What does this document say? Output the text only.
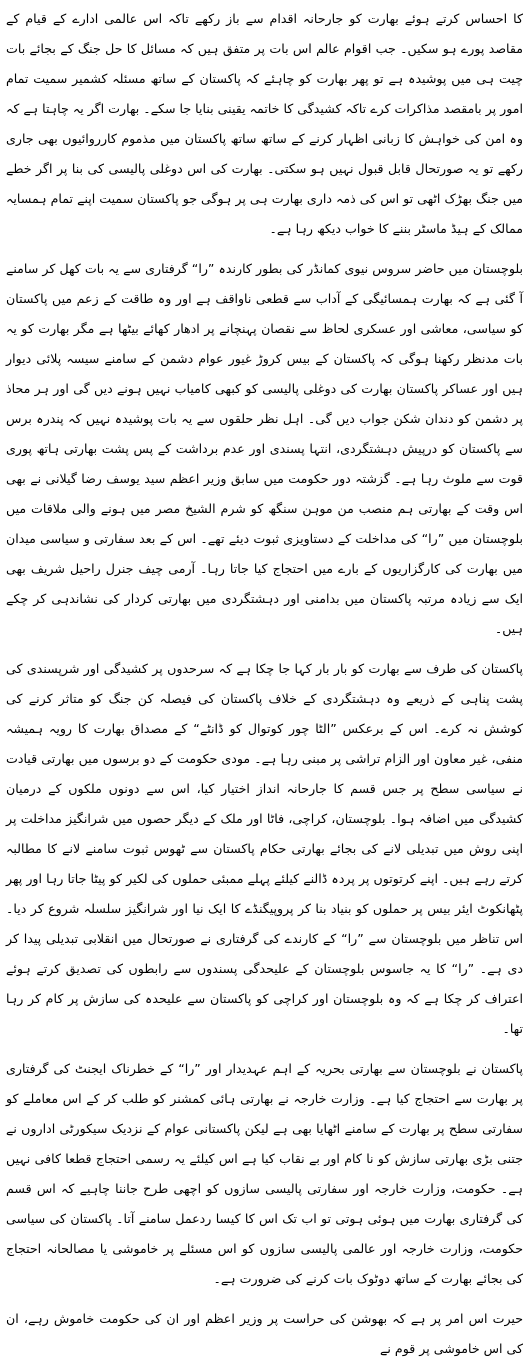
کا احساس کرتے ہوئے بھارت کو جارحانہ اقدام سے باز رکھے تاکہ اس عالمی ادارے کے قیام کے مقاصد پورے ہو سکیں۔ جب اقوام عالم اس بات پر متفق ہیں کہ مسائل کا حل جنگ کے بجائے بات چیت ہی میں پوشیدہ ہے تو پھر بھارت کو چاہئے کہ پاکستان کے ساتھ مسئلہ کشمیر سمیت تمام امور پر بامقصد مذاکرات کرے تاکہ کشیدگی کا خاتمہ یقینی بنایا جا سکے۔ بھارت اگر یہ چاہتا ہے کہ وہ امن کی خواہش کا زبانی اظہار کرنے کے ساتھ ساتھ پاکستان میں مذموم کارروائیوں بھی جاری رکھے تو یہ صورتحال قابل قبول نہیں ہو سکتی۔ بھارت کی اس دوغلی پالیسی کی بنا پر اگر خطے میں جنگ بھڑک اٹھی تو اس کی ذمہ داری بھارت ہی پر ہوگی جو پاکستان سمیت اپنے تمام ہمسایہ ممالک کے ہیڈ ماسٹر بننے کا خواب دیکھ رہا ہے۔

بلوچستان میں حاضر سروس نیوی کمانڈر کی بطور کارندہ ”را“ گرفتاری سے یہ بات کھل کر سامنے آ گئی ہے کہ بھارت ہمسائیگی کے آداب سے قطعی ناواقف ہے اور وہ طاقت کے زعم میں پاکستان کو سیاسی، معاشی اور عسکری لحاظ سے نقصان پہنچانے پر ادھار کھائے بیٹھا ہے مگر بھارت کو یہ بات مدنظر رکھنا ہوگی کہ پاکستان کے بیس کروڑ غیور عوام دشمن کے سامنے سیسہ پلائی دیوار ہیں اور عساکر پاکستان بھارت کی دوغلی پالیسی کو کبھی کامیاب نہیں ہونے دیں گی اور ہر محاذ پر دشمن کو دندان شکن جواب دیں گی۔ اہل نظر حلقوں سے یہ بات پوشیدہ نہیں کہ پندرہ برس سے پاکستان کو درپیش دہشتگردی، انتہا پسندی اور عدم برداشت کے پس پشت بھارتی ہاتھ پوری قوت سے ملوث رہا ہے۔ گزشتہ دور حکومت میں سابق وزیر اعظم سید یوسف رضا گیلانی نے بھی اس وقت کے بھارتی ہم منصب من موہن سنگھ کو شرم الشیخ مصر میں ہونے والی ملاقات میں بلوچستان میں ”را“ کی مداخلت کے دستاویزی ثبوت دیئے تھے۔ اس کے بعد سفارتی و سیاسی میدان میں بھارت کی کارگزاریوں کے بارے میں احتجاج کیا جاتا رہا۔ آرمی چیف جنرل راحیل شریف بھی ایک سے زیادہ مرتبہ پاکستان میں بدامنی اور دہشتگردی میں بھارتی کردار کی نشاندہی کر چکے ہیں۔

پاکستان کی طرف سے بھارت کو بار بار کہا جا چکا ہے کہ سرحدوں پر کشیدگی اور شرپسندی کی پشت پناہی کے ذریعے وہ دہشتگردی کے خلاف پاکستان کی فیصلہ کن جنگ کو متاثر کرنے کی کوشش نہ کرے۔ اس کے برعکس ”الٹا چور کوتوال کو ڈانٹے“ کے مصداق بھارت کا رویہ ہمیشہ منفی، غیر معاون اور الزام تراشی پر مبنی رہا ہے۔ مودی حکومت کے دو برسوں میں بھارتی قیادت نے سیاسی سطح پر جس قسم کا جارحانہ انداز اختیار کیا، اس سے دونوں ملکوں کے درمیان کشیدگی میں اضافہ ہوا۔ بلوچستان، کراچی، فاٹا اور ملک کے دیگر حصوں میں شرانگیز مداخلت پر اپنی روش میں تبدیلی لانے کی بجائے بھارتی حکام پاکستان سے ٹھوس ثبوت سامنے لانے کا مطالبہ کرتے رہے ہیں۔ اپنے کرتوتوں پر پردہ ڈالنے کیلئے پہلے ممبئی حملوں کی لکیر کو پیٹا جاتا رہا اور پھر پٹھانکوٹ ایئر بیس پر حملوں کو بنیاد بنا کر پروپیگنڈے کا ایک نیا اور شرانگیز سلسلہ شروع کر دیا۔ اس تناظر میں بلوچستان سے ”را“ کے کارندے کی گرفتاری نے صورتحال میں انقلابی تبدیلی پیدا کر دی ہے۔ ”را“ کا یہ جاسوس بلوچستان کے علیحدگی پسندوں سے رابطوں کی تصدیق کرتے ہوئے اعتراف کر چکا ہے کہ وہ بلوچستان اور کراچی کو پاکستان سے علیحدہ کی سازش پر کام کر رہا تھا۔

پاکستان نے بلوچستان سے بھارتی بحریہ کے اہم عہدیدار اور ”را“ کے خطرناک ایجنٹ کی گرفتاری پر بھارت سے احتجاج کیا ہے۔ وزارت خارجہ نے بھارتی ہائی کمشنر کو طلب کر کے اس معاملے کو سفارتی سطح پر بھارت کے سامنے اٹھایا بھی ہے لیکن پاکستانی عوام کے نزدیک سیکورٹی اداروں نے جتنی بڑی بھارتی سازش کو نا کام اور بے نقاب کیا ہے اس کیلئے یہ رسمی احتجاج قطعا کافی نہیں ہے۔ حکومت، وزارت خارجہ اور سفارتی پالیسی سازوں کو اچھی طرح جاننا چاہیے کہ اس قسم کی گرفتاری بھارت میں ہوئی ہوتی تو اب تک اس کا کیسا ردعمل سامنے آتا۔ پاکستان کی سیاسی حکومت، وزارت خارجہ اور عالمی پالیسی سازوں کو اس مسئلے پر خاموشی یا مصالحانہ احتجاج کی بجائے بھارت کے ساتھ دوٹوک بات کرنے کی ضرورت ہے۔

حیرت اس امر پر ہے کہ بھوشن کی حراست پر وزیر اعظم اور ان کی حکومت خاموش رہے، ان کی اس خاموشی پر قوم نے
